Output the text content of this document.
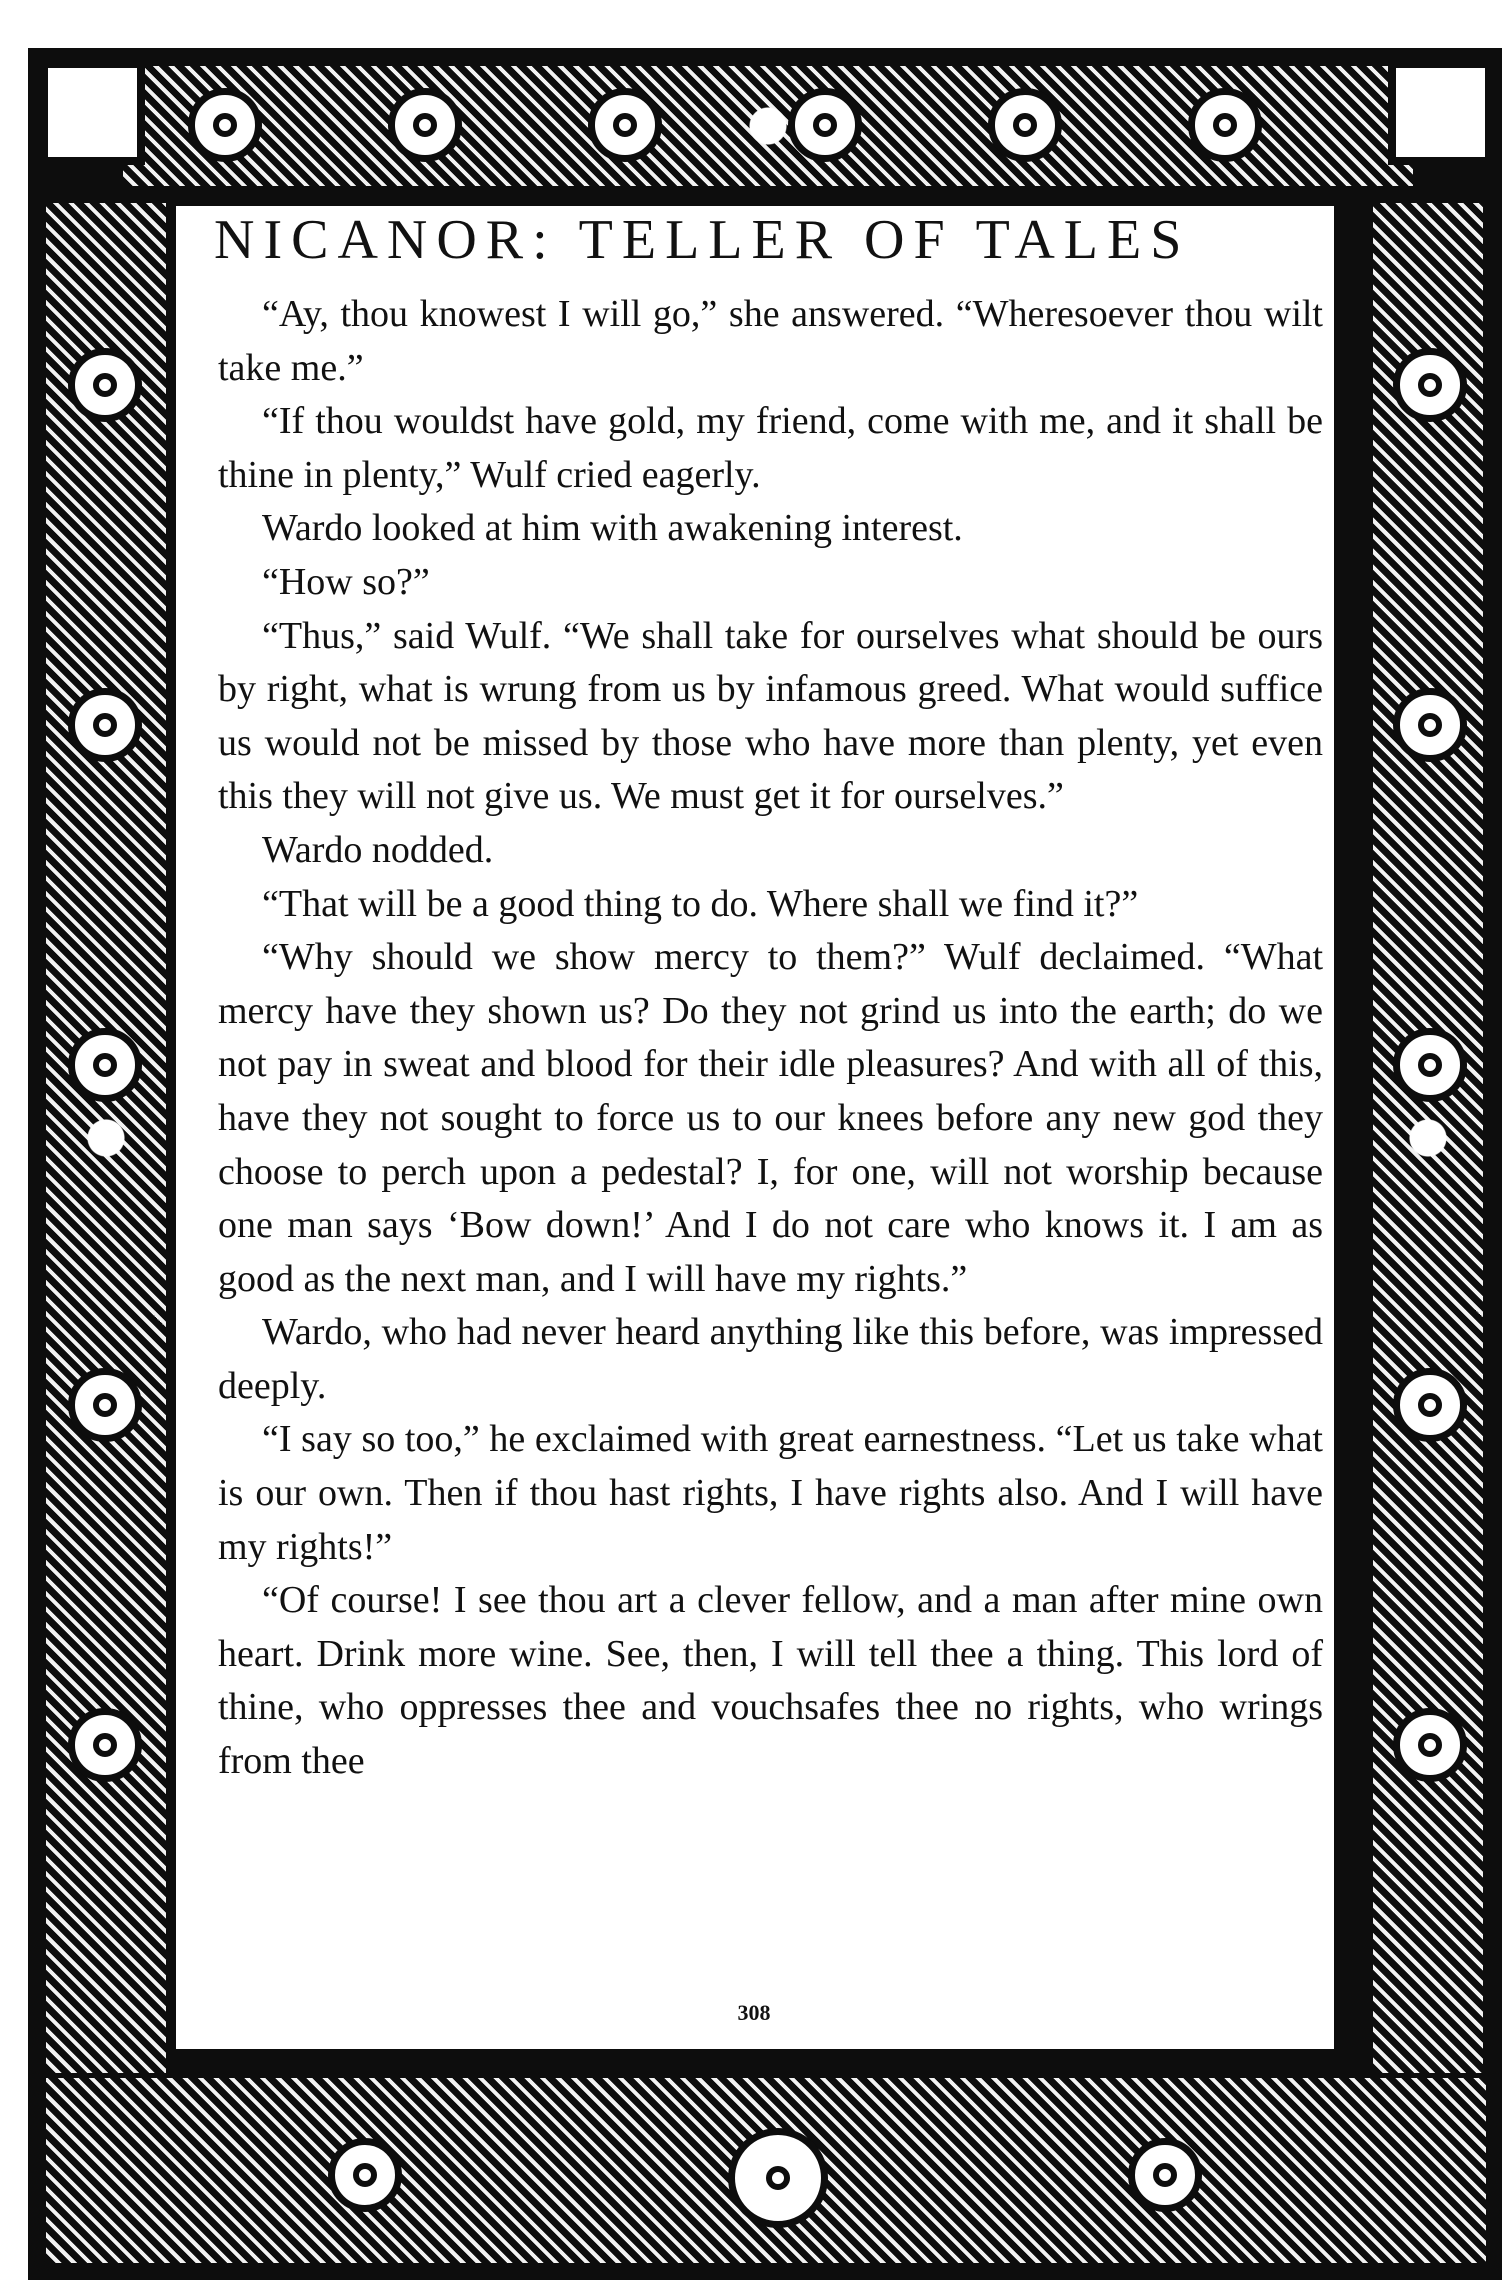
NICANOR: TELLER OF TALES

“Ay, thou knowest I will go,” she answered. “Wheresoever thou wilt take me.”

“If thou wouldst have gold, my friend, come with me, and it shall be thine in plenty,” Wulf cried eagerly.

Wardo looked at him with awakening interest.

“How so?”

“Thus,” said Wulf. “We shall take for ourselves what should be ours by right, what is wrung from us by infamous greed. What would suffice us would not be missed by those who have more than plenty, yet even this they will not give us. We must get it for ourselves.”

Wardo nodded.

“That will be a good thing to do. Where shall we find it?”

“Why should we show mercy to them?” Wulf declaimed. “What mercy have they shown us? Do they not grind us into the earth; do we not pay in sweat and blood for their idle pleasures? And with all of this, have they not sought to force us to our knees before any new god they choose to perch upon a pedestal? I, for one, will not worship because one man says ‘Bow down!’ And I do not care who knows it. I am as good as the next man, and I will have my rights.”

Wardo, who had never heard anything like this before, was impressed deeply.

“I say so too,” he exclaimed with great earnestness. “Let us take what is our own. Then if thou hast rights, I have rights also. And I will have my rights!”

“Of course! I see thou art a clever fellow, and a man after mine own heart. Drink more wine. See, then, I will tell thee a thing. This lord of thine, who oppresses thee and vouchsafes thee no rights, who wrings from thee

308
